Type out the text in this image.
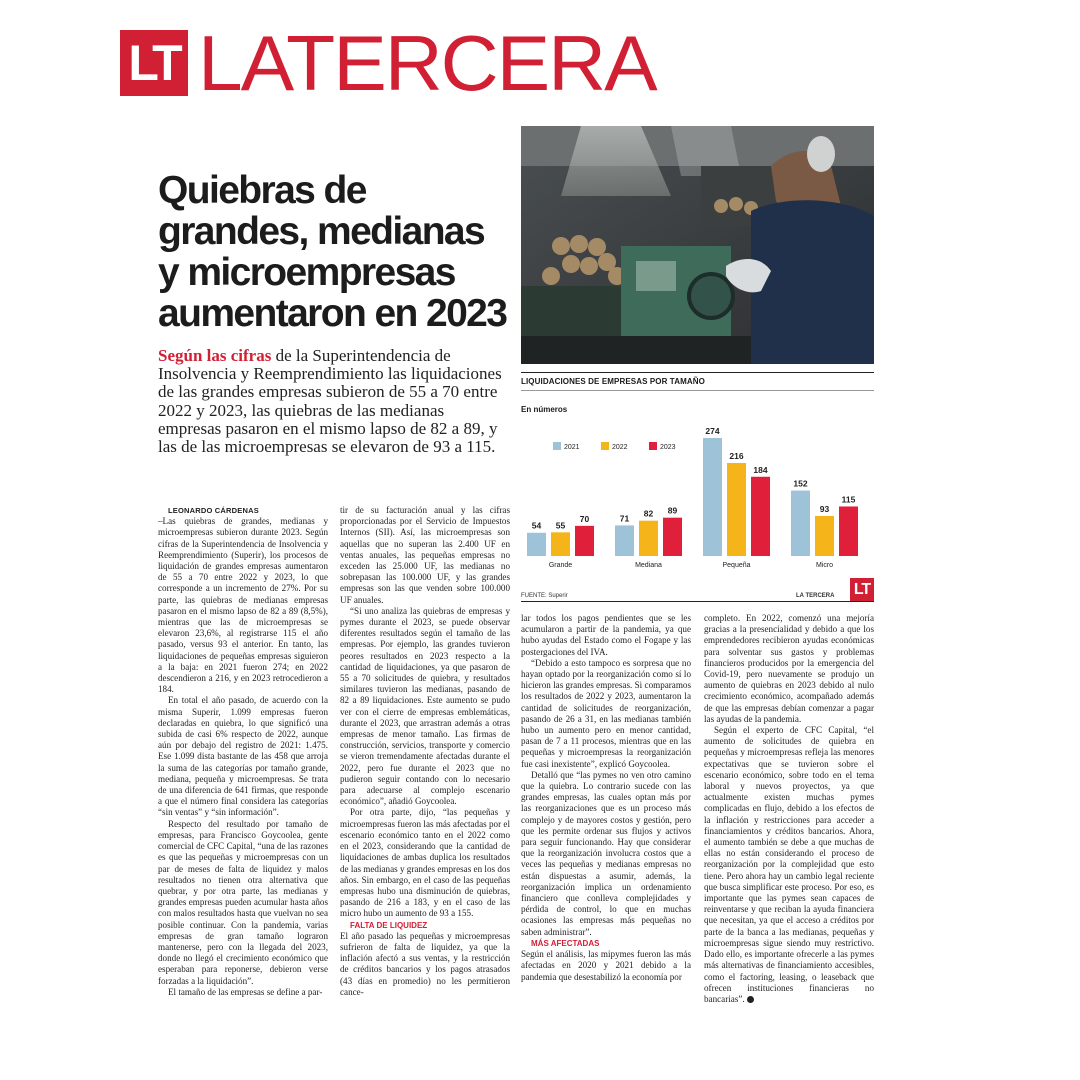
LT LATERCERA
Quiebras de grandes, medianas y microempresas aumentaron en 2023

Según las cifras de la Superintendencia de Insolvencia y Reemprendimiento las liquidaciones de las grandes empresas subieron de 55 a 70 entre 2022 y 2023, las quiebras de las medianas empresas pasaron en el mismo lapso de 82 a 89, y las de las microempresas se elevaron de 93 a 115.

LIQUIDACIONES DE EMPRESAS POR TAMAÑO

En números

2021	2022	2023
54 55
70
Grande
71 82 89
Mediana
274
216
184
Pequeña
152
93
115
Micro

FUENTE: Superir	LA TERCERA LT

LEONARDO CÁRDENAS

–Las quiebras de grandes, medianas y microempresas subieron durante 2023. Según cifras de la Superintendencia de Insolvencia y Reemprendimiento (Superir), los procesos de liquidación de grandes empresas aumentaron de 55 a 70 entre 2022 y 2023, lo que corresponde a un incremento de 27%. Por su parte, las quiebras de medianas empresas pasaron en el mismo lapso de 82 a 89 (8,5%), mientras que las de microempresas se elevaron 23,6%, al registrarse 115 el año pasado, versus 93 el anterior. En tanto, las liquidaciones de pequeñas empresas siguieron a la baja: en 2021 fueron 274; en 2022 descendieron a 216, y en 2023 retrocedieron a 184.

En total el año pasado, de acuerdo con la misma Superir, 1.099 empresas fueron declaradas en quiebra, lo que significó una subida de casi 6% respecto de 2022, aunque aún por debajo del registro de 2021: 1.475. Ese 1.099 dista bastante de las 458 que arroja la suma de las categorías por tamaño grande, mediana, pequeña y microempresas. Se trata de una diferencia de 641 firmas, que responde a que el número final considera las categorías “sin ventas” y “sin información”.

Respecto del resultado por tamaño de empresas, para Francisco Goycoolea, gente comercial de CFC Capital, “una de las razones es que las pequeñas y microempresas con un par de meses de falta de liquidez y malos resultados no tienen otra alternativa que quebrar, y por otra parte, las medianas y grandes empresas pueden acumular hasta años con malos resultados hasta que vuelvan no sea posible continuar. Con la pandemia, varias empresas de gran tamaño lograron mantenerse, pero con la llegada del 2023, donde no llegó el crecimiento económico que esperaban para reponerse, debieron verse forzadas a la liquidación”.

El tamaño de las empresas se define a par-

tir de su facturación anual y las cifras proporcionadas por el Servicio de Impuestos Internos (SII). Así, las microempresas son aquellas que no superan las 2.400 UF en ventas anuales, las pequeñas empresas no exceden las 25.000 UF, las medianas no sobrepasan las 100.000 UF, y las grandes empresas son las que venden sobre 100.000 UF anuales.

“Si uno analiza las quiebras de empresas y pymes durante el 2023, se puede observar diferentes resultados según el tamaño de las empresas. Por ejemplo, las grandes tuvieron peores resultados en 2023 respecto a la cantidad de liquidaciones, ya que pasaron de 55 a 70 solicitudes de quiebra, y resultados similares tuvieron las medianas, pasando de 82 a 89 liquidaciones. Este aumento se pudo ver con el cierre de empresas emblemáticas, durante el 2023, que arrastran además a otras empresas de menor tamaño. Las firmas de construcción, servicios, transporte y comercio se vieron tremendamente afectadas durante el 2022, pero fue durante el 2023 que no pudieron seguir contando con lo necesario para adecuarse al complejo escenario económico”, añadió Goycoolea.

Por otra parte, dijo, “las pequeñas y microempresas fueron las más afectadas por el escenario económico tanto en el 2022 como en el 2023, considerando que la cantidad de liquidaciones de ambas duplica los resultados de las medianas y grandes empresas en los dos años. Sin embargo, en el caso de las pequeñas empresas hubo una disminución de quiebras, pasando de 216 a 183, y en el caso de las micro hubo un aumento de 93 a 155.

FALTA DE LIQUIDEZ

El año pasado las pequeñas y microempresas sufrieron de falta de liquidez, ya que la inflación afectó a sus ventas, y la restricción de créditos bancarios y los pagos atrasados (43 días en promedio) no les permitieron cance-

lar todos los pagos pendientes que se les acumularon a partir de la pandemia, ya que hubo ayudas del Estado como el Fogape y las postergaciones del IVA.

“Debido a esto tampoco es sorpresa que no hayan optado por la reorganización como sí lo hicieron las grandes empresas. Si comparamos los resultados de 2022 y 2023, aumentaron la cantidad de solicitudes de reorganización, pasando de 26 a 31, en las medianas también hubo un aumento pero en menor cantidad, pasan de 7 a 11 procesos, mientras que en las pequeñas y microempresas la reorganización fue casi inexistente”, explicó Goycoolea.

Detalló que “las pymes no ven otro camino que la quiebra. Lo contrario sucede con las grandes empresas, las cuales optan más por las reorganizaciones que es un proceso más complejo y de mayores costos y gestión, pero que les permite ordenar sus flujos y activos para seguir funcionando. Hay que considerar que la reorganización involucra costos que a veces las pequeñas y medianas empresas no están dispuestas a asumir, además, la reorganización implica un ordenamiento financiero que conlleva complejidades y pérdida de control, lo que en muchas ocasiones las empresas más pequeñas no saben administrar”.

MÁS AFECTADAS

Según el análisis, las mipymes fueron las más afectadas en 2020 y 2021 debido a la pandemia que desestabilizó la economía por

completo. En 2022, comenzó una mejoría gracias a la presencialidad y debido a que los emprendedores recibieron ayudas económicas para solventar sus gastos y problemas financieros producidos por la emergencia del Covid-19, pero nuevamente se produjo un aumento de quiebras en 2023 debido al nulo crecimiento económico, acompañado además de que las empresas debían comenzar a pagar las ayudas de la pandemia.

Según el experto de CFC Capital, “el aumento de solicitudes de quiebra en pequeñas y microempresas refleja las menores expectativas que se tuvieron sobre el escenario económico, sobre todo en el tema laboral y nuevos proyectos, ya que actualmente existen muchas pymes complicadas en flujo, debido a los efectos de la inflación y restricciones para acceder a financiamientos y créditos bancarios. Ahora, el aumento también se debe a que muchas de ellas no están considerando el proceso de reorganización por la complejidad que esto tiene. Pero ahora hay un cambio legal reciente que busca simplificar este proceso. Por eso, es importante que las pymes sean capaces de reinventarse y que reciban la ayuda financiera que necesitan, ya que el acceso a créditos por parte de la banca a las medianas, pequeñas y microempresas sigue siendo muy restrictivo. Dado ello, es importante ofrecerle a las pymes más alternativas de financiamiento accesibles, como el factoring, leasing, o leaseback que ofrecen instituciones financieras no bancarias”.
